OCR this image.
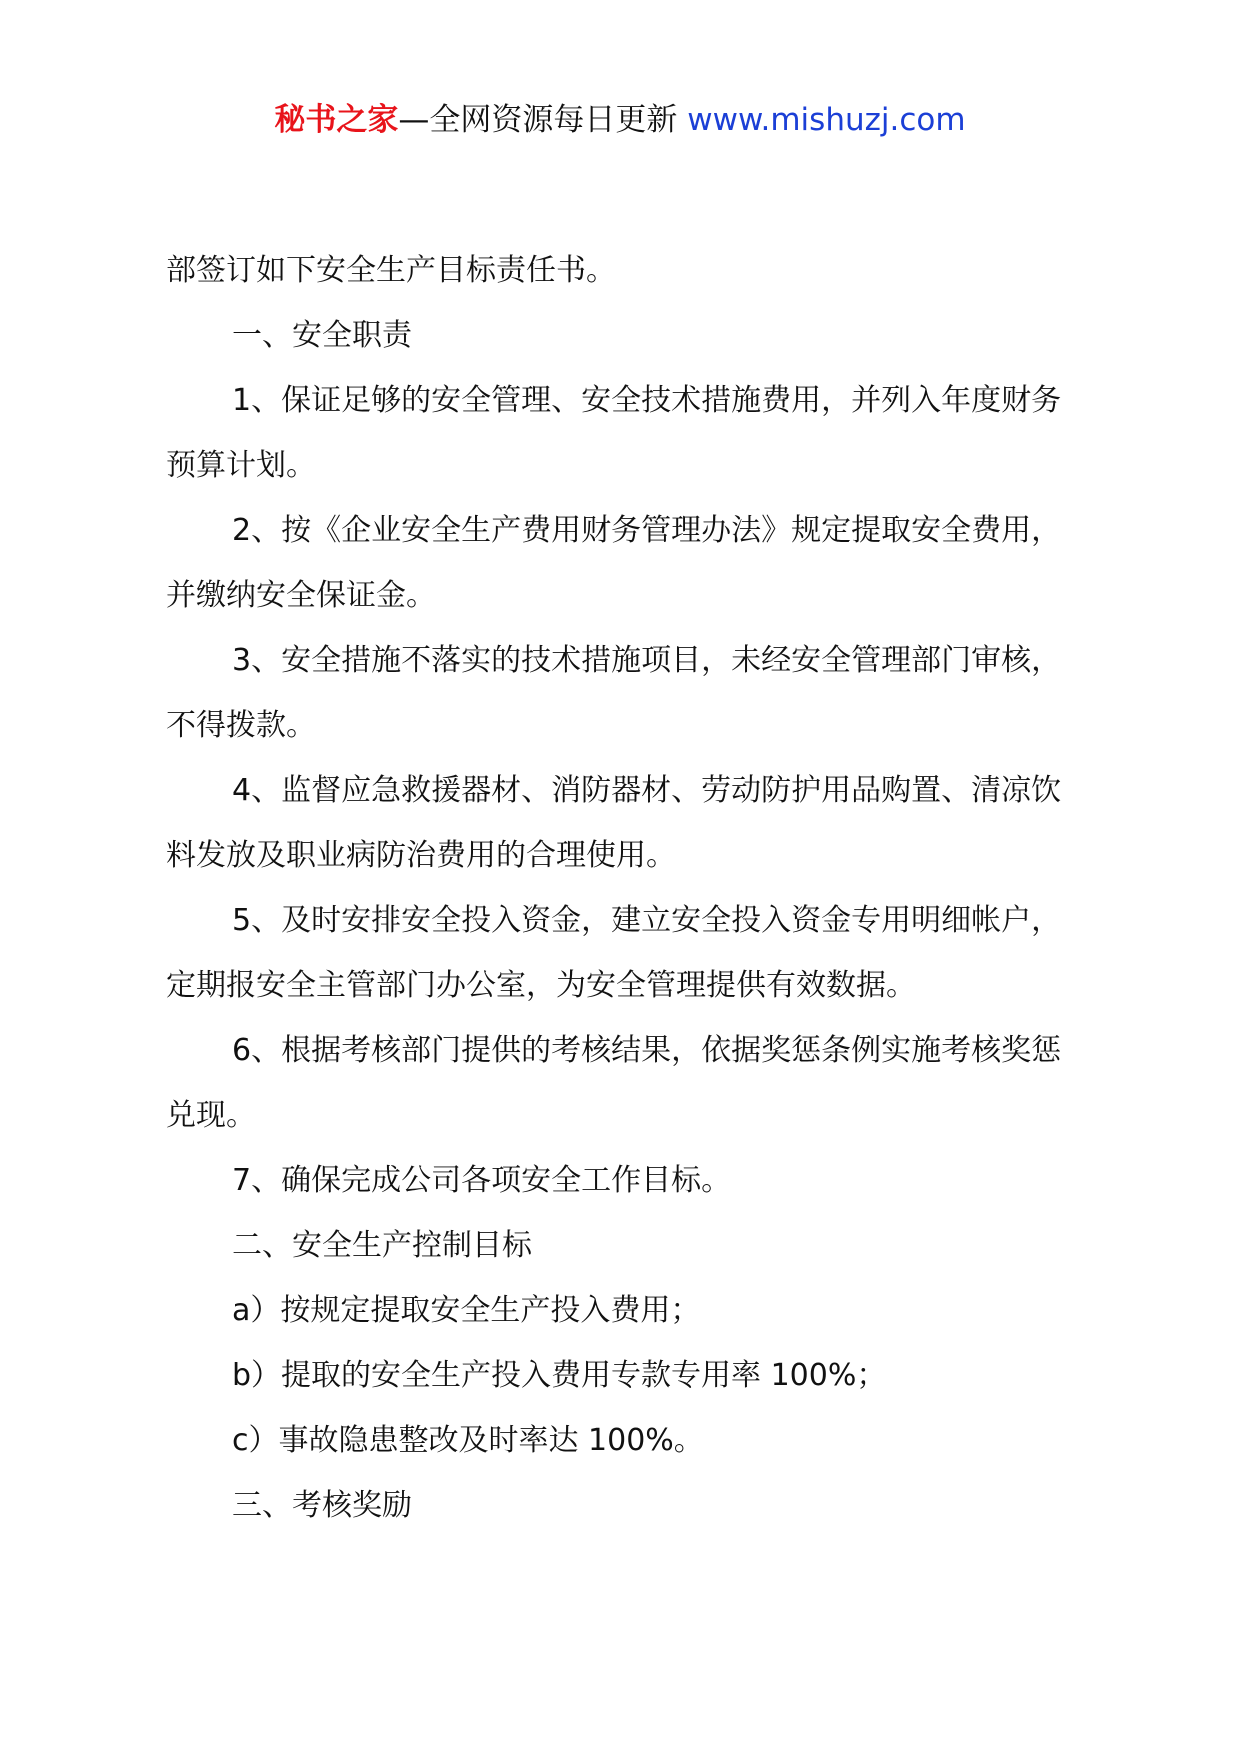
秘书之家—全网资源每日更新 www.mishuzj.com

部签订如下安全生产目标责任书。

一、安全职责

1、保证足够的安全管理、安全技术措施费用，并列入年度财务预算计划。

2、按《企业安全生产费用财务管理办法》规定提取安全费用，并缴纳安全保证金。

3、安全措施不落实的技术措施项目，未经安全管理部门审核，不得拨款。

4、监督应急救援器材、消防器材、劳动防护用品购置、清凉饮料发放及职业病防治费用的合理使用。

5、及时安排安全投入资金，建立安全投入资金专用明细帐户，定期报安全主管部门办公室，为安全管理提供有效数据。

6、根据考核部门提供的考核结果，依据奖惩条例实施考核奖惩兑现。

7、确保完成公司各项安全工作目标。

二、安全生产控制目标

a）按规定提取安全生产投入费用；

b）提取的安全生产投入费用专款专用率 100%；

c）事故隐患整改及时率达 100%。

三、考核奖励
